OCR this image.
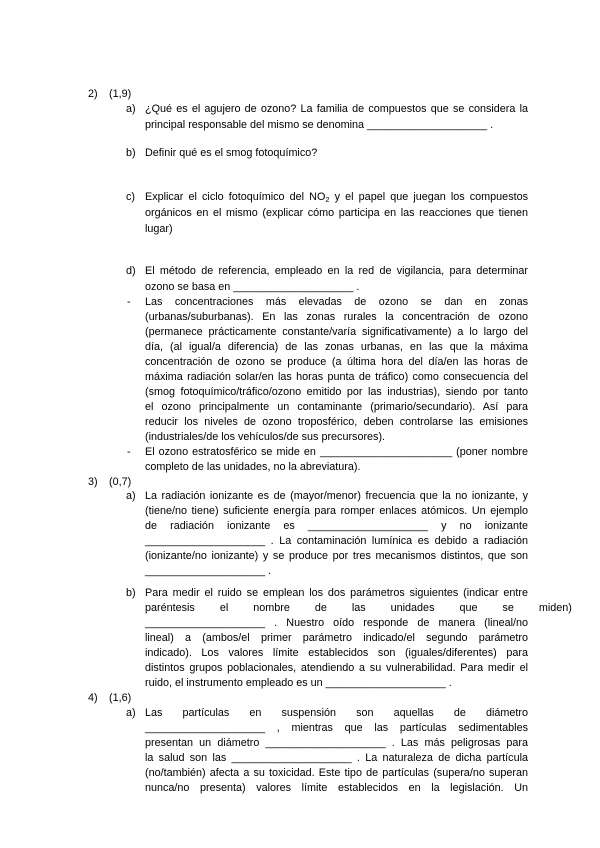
2) (1,9)
a) ¿Qué es el agujero de ozono? La familia de compuestos que se considera la
principal responsable del mismo se denomina ____________________ .
b) Definir qué es el smog fotoquímico?
c) Explicar el ciclo fotoquímico del $NO_2$ y el papel que juegan los compuestos
orgánicos en el mismo (explicar cómo participa en las reacciones que tienen
lugar)
d) El método de referencia, empleado en la red de vigilancia, para determinar
ozono se basa en ____________________ .
- Las concentraciones más elevadas de ozono se dan en zonas
(urbanas/suburbanas). En las zonas rurales la concentración de ozono
(permanece prácticamente constante/varía significativamente) a lo largo del
día, (al igual/a diferencia) de las zonas urbanas, en las que la máxima
concentración de ozono se produce (a última hora del día/en las horas de
máxima radiación solar/en las horas punta de tráfico) como consecuencia del
(smog fotoquímico/tráfico/ozono emitido por las industrias), siendo por tanto
el ozono principalmente un contaminante (primario/secundario). Así para
reducir los niveles de ozono troposférico, deben controlarse las emisiones
(industriales/de los vehículos/de sus precursores).
- El ozono estratosférico se mide en ______________________ (poner nombre
completo de las unidades, no la abreviatura).
3) (0,7)
a) La radiación ionizante es de (mayor/menor) frecuencia que la no ionizante, y
(tiene/no tiene) suficiente energía para romper enlaces atómicos. Un ejemplo
de radiación ionizante es ____________________ y no ionizante
____________________ . La contaminación lumínica es debido a radiación
(ionizante/no ionizante) y se produce por tres mecanismos distintos, que son
____________________ .
b) Para medir el ruido se emplean los dos parámetros siguientes (indicar entre
paréntesis el nombre de las unidades que se miden)
____________________ . Nuestro oído responde de manera (lineal/no
lineal) a (ambos/el primer parámetro indicado/el segundo parámetro
indicado). Los valores límite establecidos son (iguales/diferentes) para
distintos grupos poblacionales, atendiendo a su vulnerabilidad. Para medir el
ruido, el instrumento empleado es un ____________________ .
4) (1,6)
a) Las partículas en suspensión son aquellas de diámetro
____________________ , mientras que las partículas sedimentables
presentan un diámetro ____________________ . Las más peligrosas para
la salud son las ____________________ . La naturaleza de dicha partícula
(no/también) afecta a su toxicidad. Este tipo de partículas (supera/no superan
nunca/no presenta) valores límite establecidos en la legislación. Un
